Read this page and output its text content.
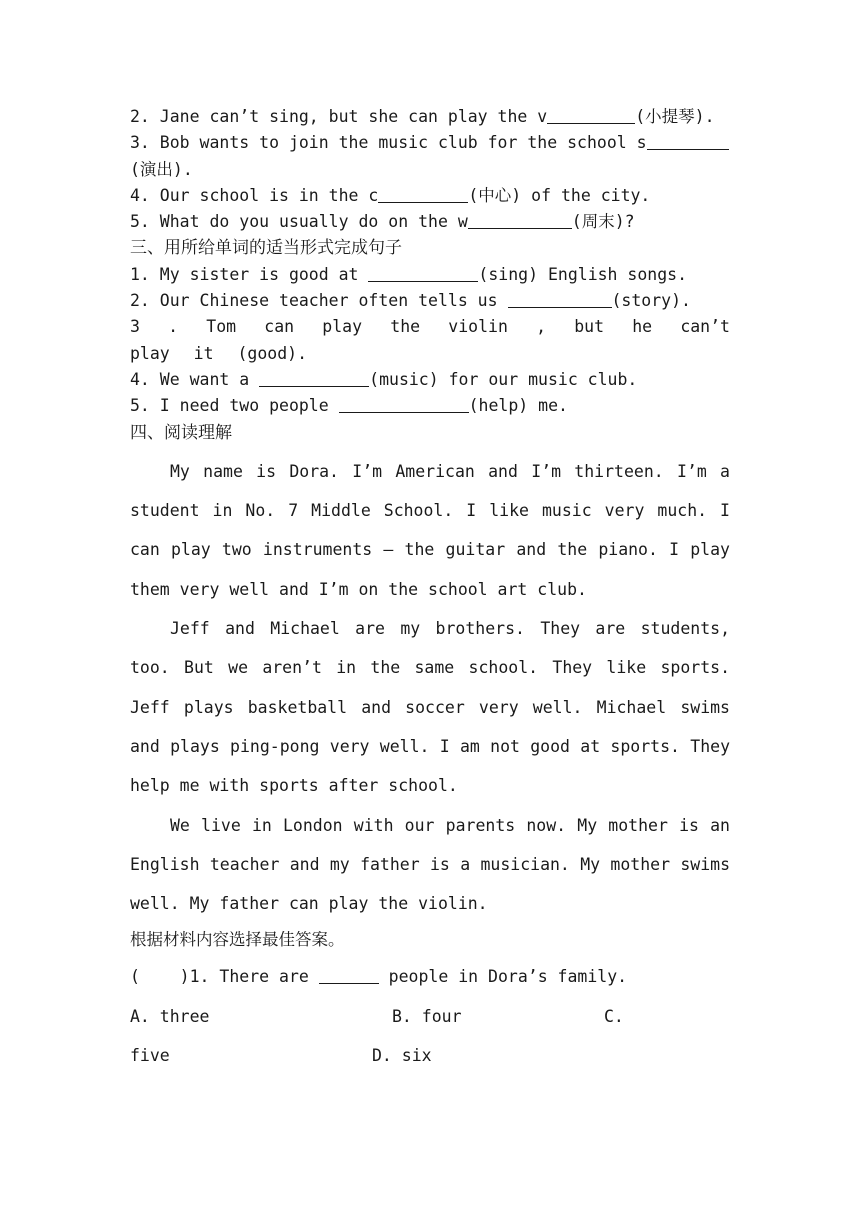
2. Jane can’t sing, but she can play the v	(小提琴).
3. Bob wants to join the music club for the school s(演出).
4. Our school is in the c	(中心) of the city.
5. What do you usually do on the w	(周末)?
三、用所给单词的适当形式完成句子
1. My sister is good at	(sing) English songs.
2. Our Chinese teacher often tells us	(story).
3 . Tom can play the violin , but he can’t play it (good).
4. We want a	(music) for our music club.
5. I need two people	(help) me.
四、阅读理解

My name is Dora. I’m American and I’m thirteen. I’m a student in No. 7 Middle School. I like music very much. I can play two instruments — the guitar and the piano. I play them very well and I’m on the school art club.

Jeff and Michael are my brothers. They are students, too. But we aren’t in the same school. They like sports. Jeff plays basketball and soccer very well. Michael swims and plays ping-pong very well. I am not good at sports. They help me with sports after school.

We live in London with our parents now. My mother is an English teacher and my father is a musician. My mother swims well. My father can play the violin.

根据材料内容选择最佳答案。
(    )1. There are	people in Dora’s family.
A. three	B. four	C.
five	D. six
